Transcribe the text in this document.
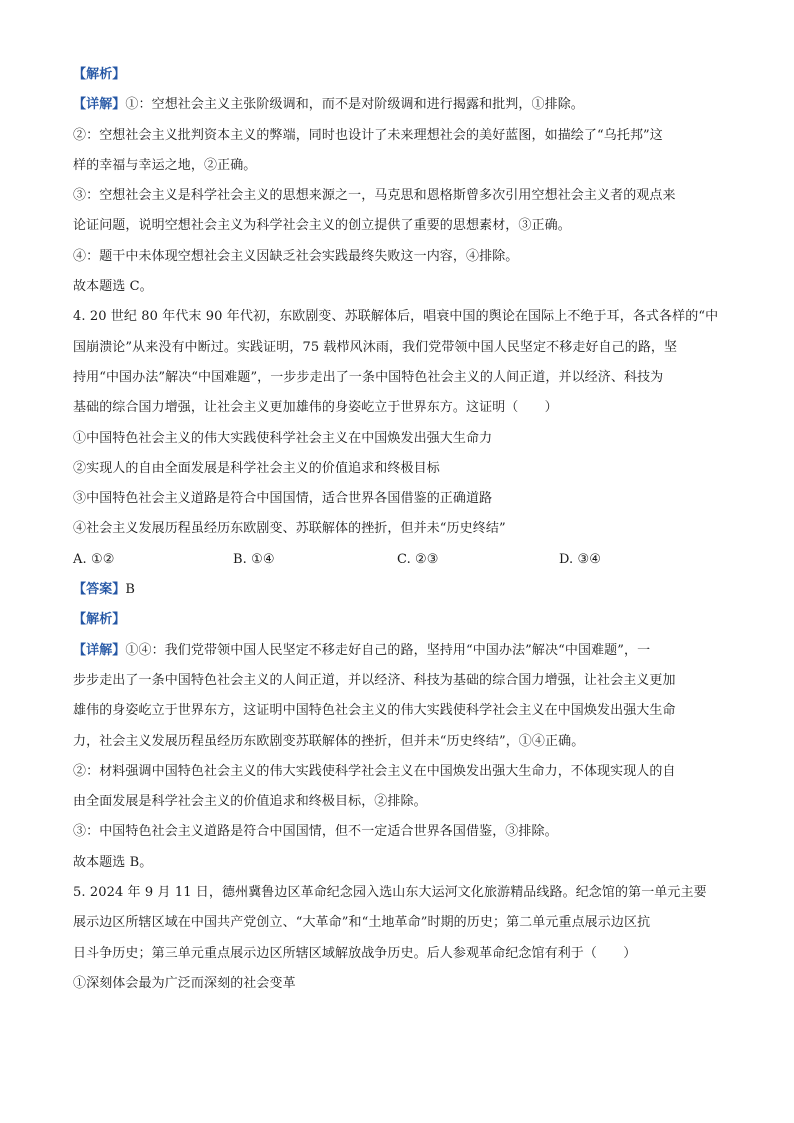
【解析】
【详解】①：空想社会主义主张阶级调和，而不是对阶级调和进行揭露和批判，①排除。
②：空想社会主义批判资本主义的弊端，同时也设计了未来理想社会的美好蓝图，如描绘了“乌托邦”这
样的幸福与幸运之地，②正确。
③：空想社会主义是科学社会主义的思想来源之一，马克思和恩格斯曾多次引用空想社会主义者的观点来
论证问题，说明空想社会主义为科学社会主义的创立提供了重要的思想素材，③正确。
④：题干中未体现空想社会主义因缺乏社会实践最终失败这一内容，④排除。
故本题选 C。
4. 20 世纪 80 年代末 90 年代初，东欧剧变、苏联解体后，唱衰中国的舆论在国际上不绝于耳，各式各样的“中
国崩溃论”从来没有中断过。实践证明，75 载栉风沐雨，我们党带领中国人民坚定不移走好自己的路，坚
持用“中国办法”解决“中国难题”，一步步走出了一条中国特色社会主义的人间正道，并以经济、科技为
基础的综合国力增强，让社会主义更加雄伟的身姿屹立于世界东方。这证明（　　）
①中国特色社会主义的伟大实践使科学社会主义在中国焕发出强大生命力
②实现人的自由全面发展是科学社会主义的价值追求和终极目标
③中国特色社会主义道路是符合中国国情，适合世界各国借鉴的正确道路
④社会主义发展历程虽经历东欧剧变、苏联解体的挫折，但并未“历史终结”
A. ①②	B. ①④	C. ②③	D. ③④
【答案】B
【解析】
【详解】①④：我们党带领中国人民坚定不移走好自己的路，坚持用“中国办法”解决“中国难题”，一
步步走出了一条中国特色社会主义的人间正道，并以经济、科技为基础的综合国力增强，让社会主义更加
雄伟的身姿屹立于世界东方，这证明中国特色社会主义的伟大实践使科学社会主义在中国焕发出强大生命
力，社会主义发展历程虽经历东欧剧变苏联解体的挫折，但并未“历史终结”，①④正确。
②：材料强调中国特色社会主义的伟大实践使科学社会主义在中国焕发出强大生命力，不体现实现人的自
由全面发展是科学社会主义的价值追求和终极目标，②排除。
③：中国特色社会主义道路是符合中国国情，但不一定适合世界各国借鉴，③排除。
故本题选 B。
5. 2024 年 9 月 11 日，德州冀鲁边区革命纪念园入选山东大运河文化旅游精品线路。纪念馆的第一单元主要
展示边区所辖区域在中国共产党创立、“大革命”和“土地革命”时期的历史；第二单元重点展示边区抗
日斗争历史；第三单元重点展示边区所辖区域解放战争历史。后人参观革命纪念馆有利于（　　）
①深刻体会最为广泛而深刻的社会变革
